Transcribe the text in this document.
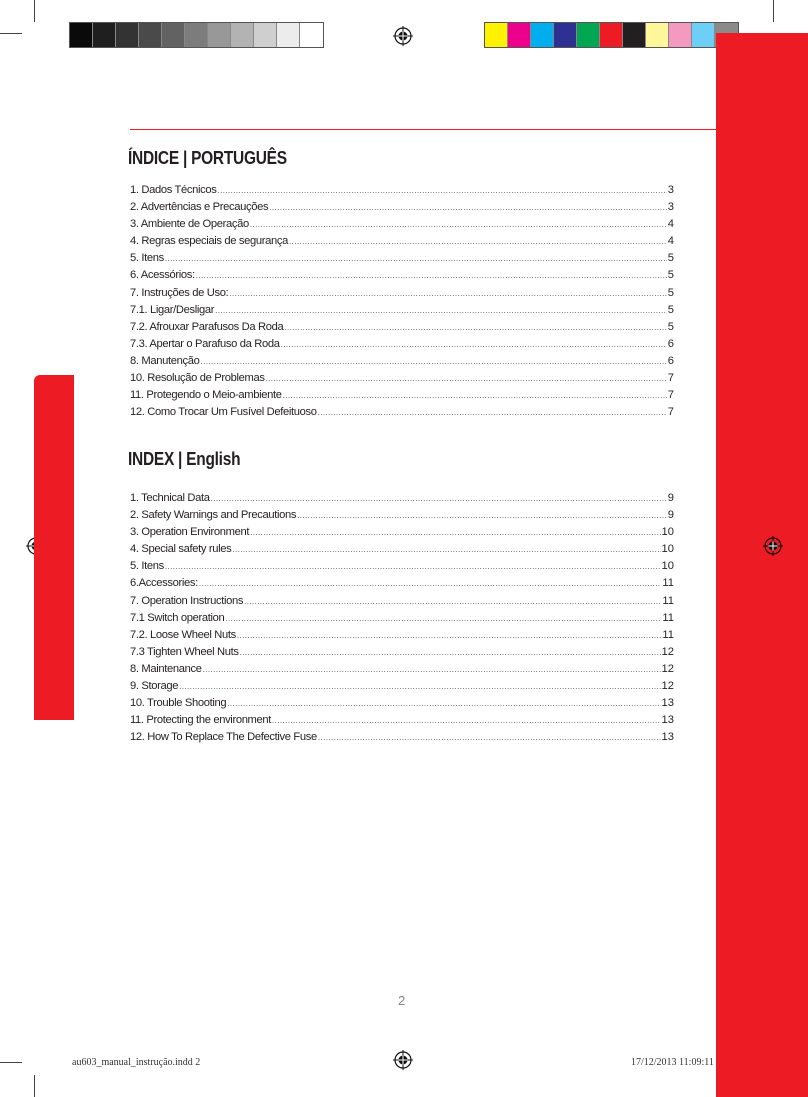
ÍNDICE | PORTUGUÊS
1. Dados Técnicos .....	3
2. Advertências e Precauções .....	3
3. Ambiente de Operação .....	4
4. Regras especiais de segurança .....	4
5. Itens .....	5
6. Acessórios: .....	5
7. Instruções de Uso: .....	5
7.1. Ligar/Desligar .....	5
7.2. Afrouxar Parafusos Da Roda .....	5
7.3. Apertar o Parafuso da Roda .....	6
8. Manutenção .....	6
10. Resolução de Problemas .....	7
11. Protegendo o Meio-ambiente .....	7
12. Como Trocar Um Fusível Defeituoso .....	7
INDEX | English
1. Technical Data .....	9
2. Safety Warnings and Precautions .....	9
3. Operation Environment .....	10
4. Special safety rules .....	10
5. Itens .....	10
6.Accessories: .....	11
7. Operation Instructions .....	11
7.1 Switch operation .....	11
7.2. Loose Wheel Nuts .....	11
7.3 Tighten Wheel Nuts .....	12
8. Maintenance .....	12
9. Storage .....	12
10. Trouble Shooting .....	13
11. Protecting the environment .....	13
12. How To Replace The Defective Fuse .....	13
2
au603_manual_instrução.indd 2	17/12/2013 11:09:11
